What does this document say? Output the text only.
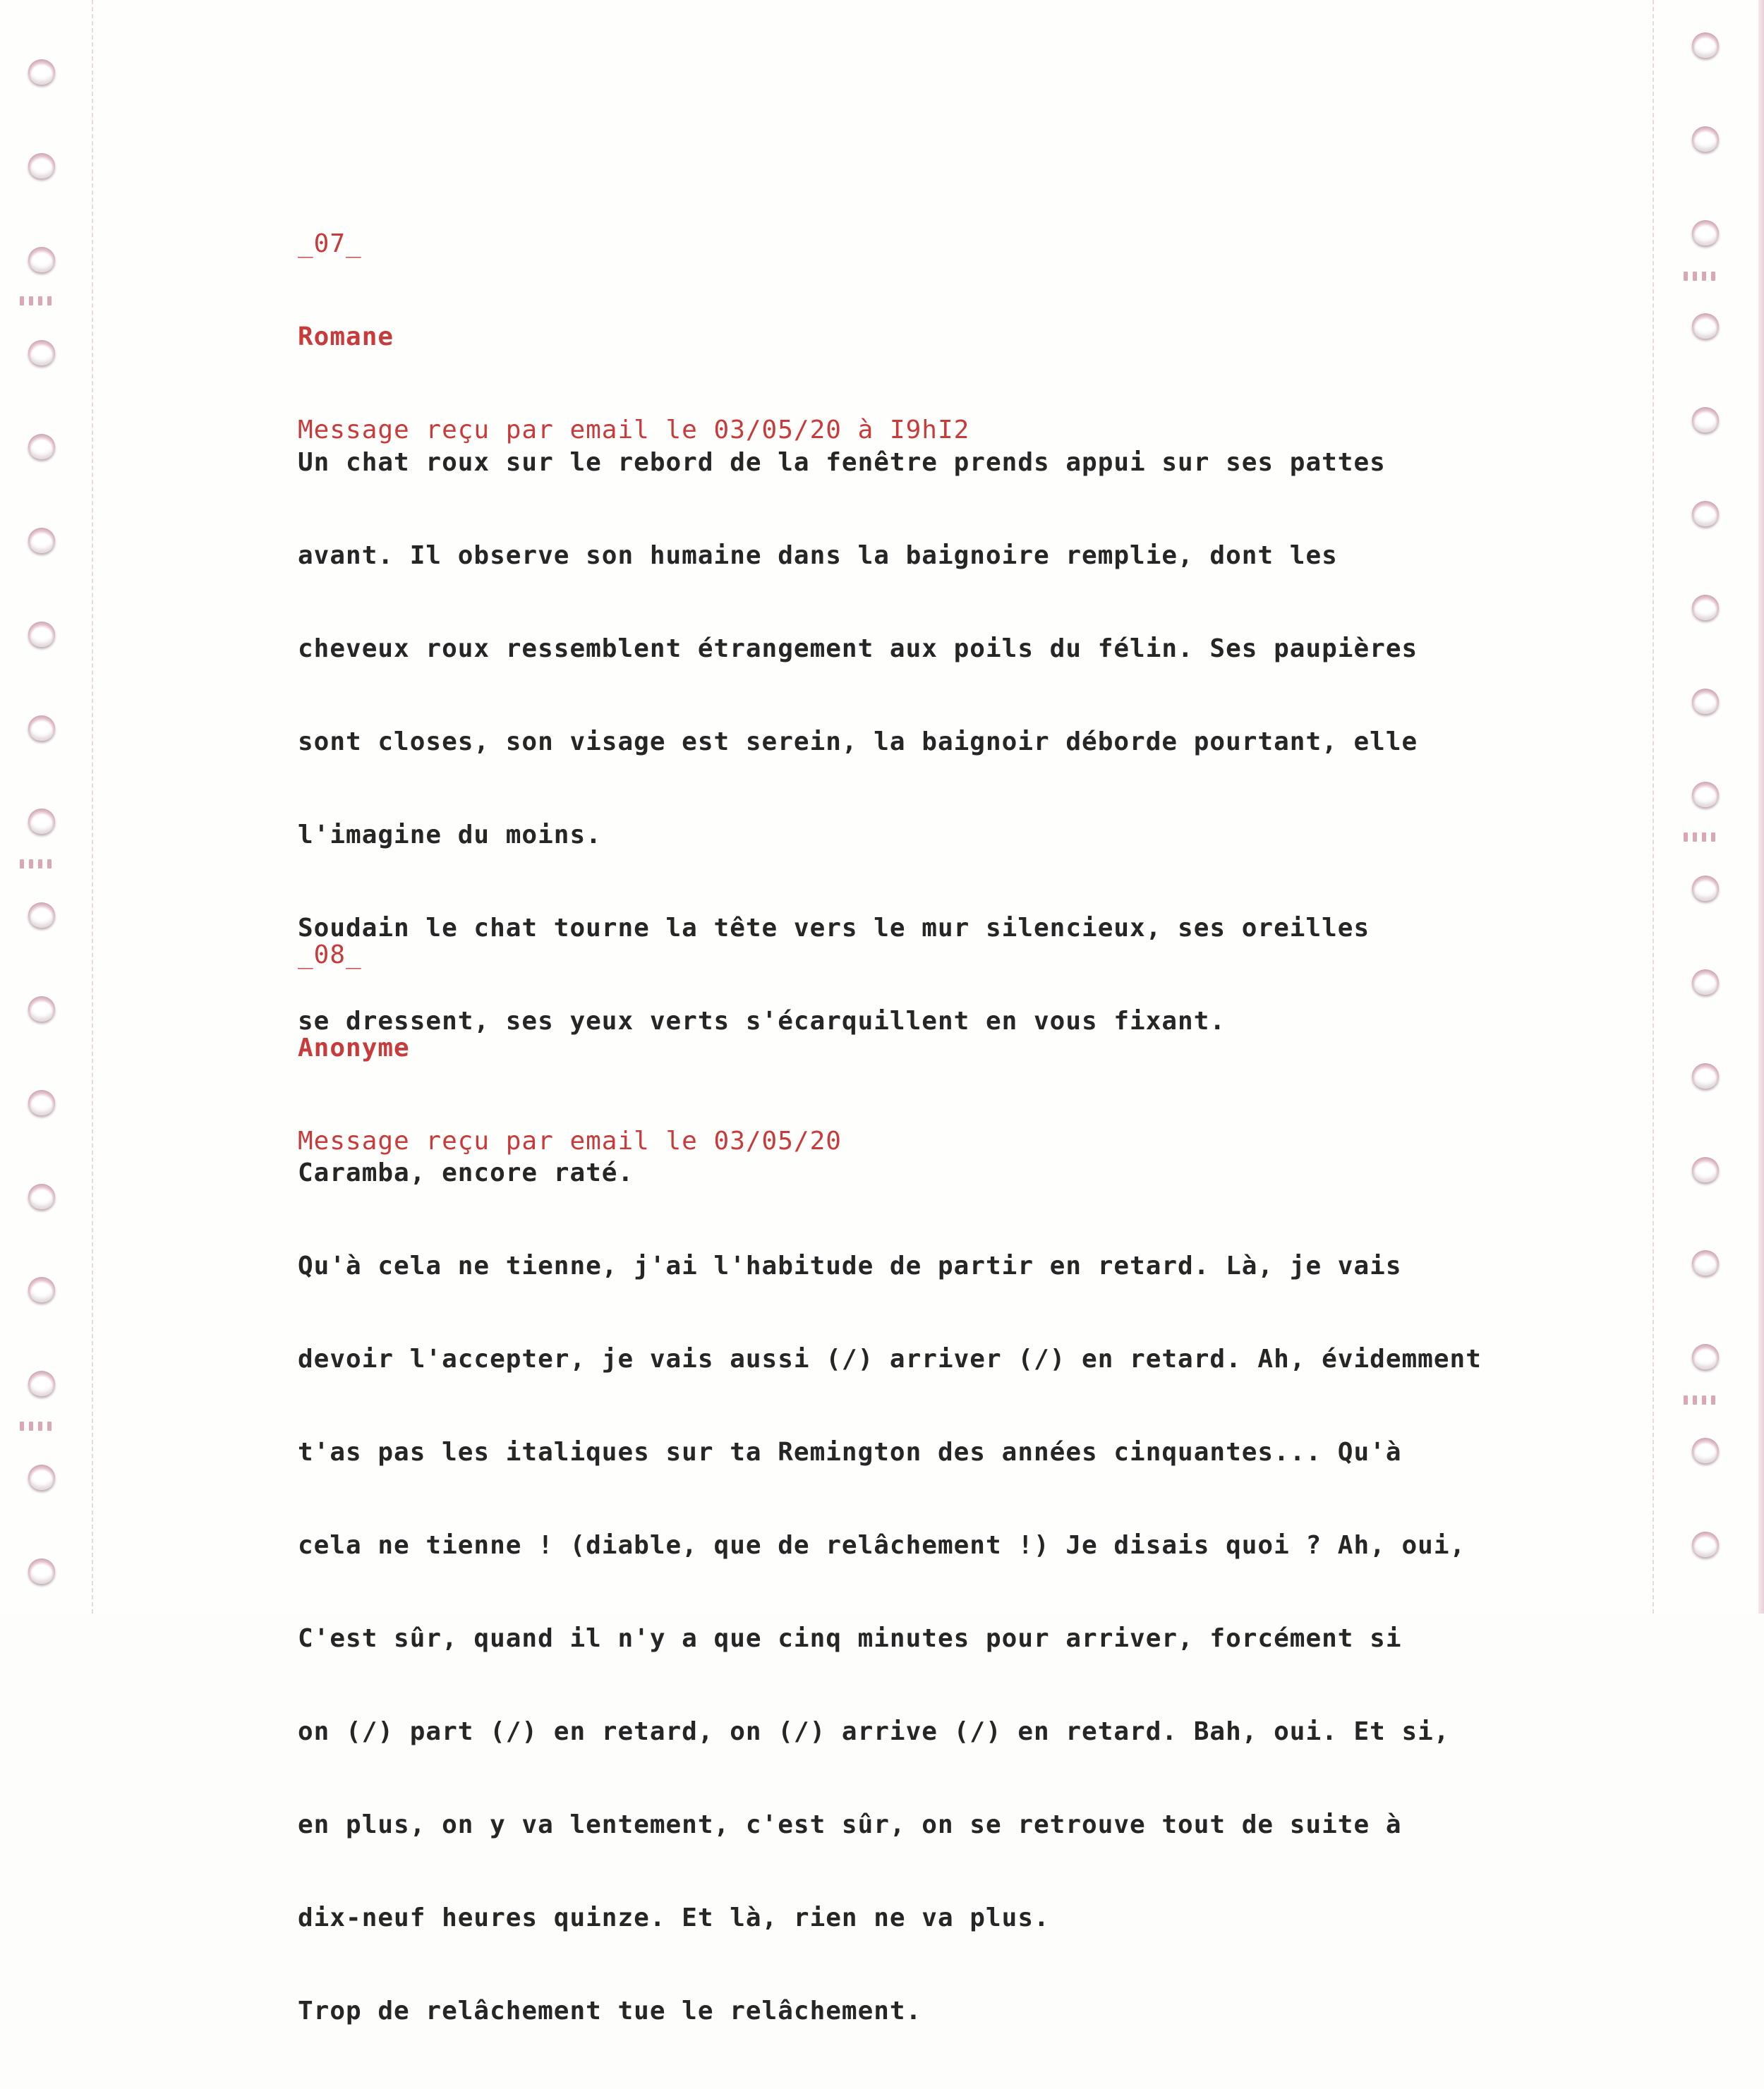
_07_

Romane

Message reçu par email le 03/05/20 à I9hI2

Un chat roux sur le rebord de la fenêtre prends appui sur ses pattes

avant. Il observe son humaine dans la baignoire remplie, dont les

cheveux roux ressemblent étrangement aux poils du félin. Ses paupières

sont closes, son visage est serein, la baignoir déborde pourtant, elle

l'imagine du moins.

Soudain le chat tourne la tête vers le mur silencieux, ses oreilles

se dressent, ses yeux verts s'écarquillent en vous fixant.

_08_

Anonyme

Message reçu par email le 03/05/20

Caramba, encore raté.

Qu'à cela ne tienne, j'ai l'habitude de partir en retard. Là, je vais

devoir l'accepter, je vais aussi (/) arriver (/) en retard. Ah, évidemment

t'as pas les italiques sur ta Remington des années cinquantes... Qu'à

cela ne tienne ! (diable, que de relâchement !) Je disais quoi ? Ah, oui,

C'est sûr, quand il n'y a que cinq minutes pour arriver, forcément si

on (/) part (/) en retard, on (/) arrive (/) en retard. Bah, oui. Et si,

en plus, on y va lentement, c'est sûr, on se retrouve tout de suite à

dix-neuf heures quinze. Et là, rien ne va plus.

Trop de relâchement tue le relâchement.
